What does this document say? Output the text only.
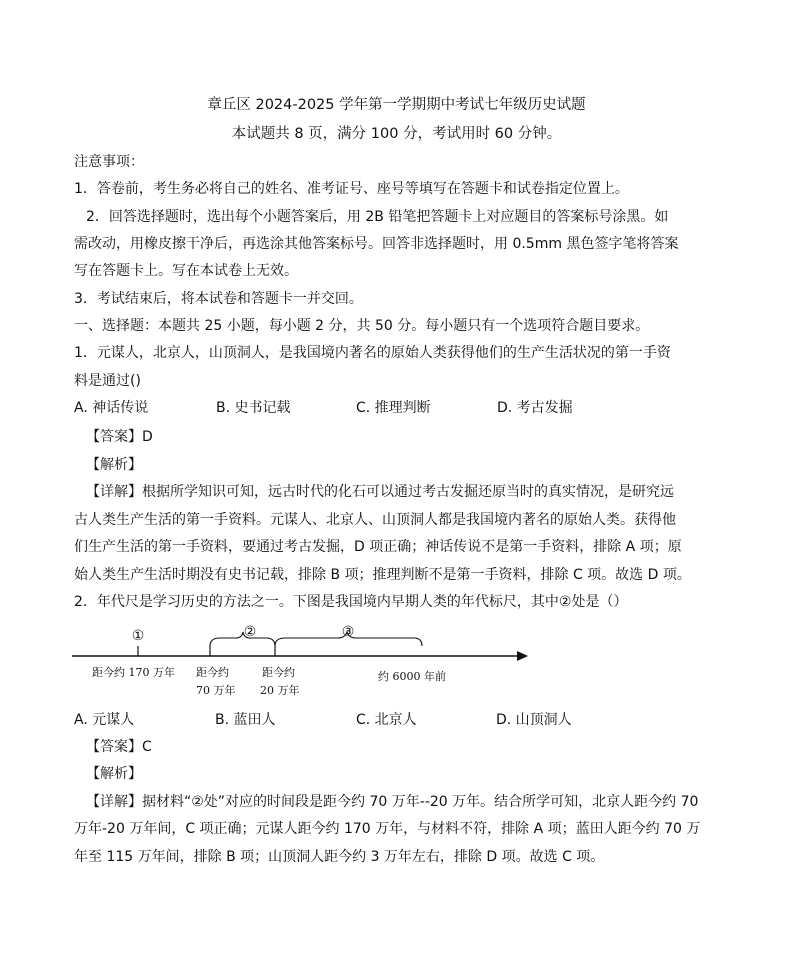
章丘区 2024-2025 学年第一学期期中考试七年级历史试题
本试题共 8 页，满分 100 分，考试用时 60 分钟。
注意事项：
1．答卷前，考生务必将自己的姓名、准考证号、座号等填写在答题卡和试卷指定位置上。
2．回答选择题时，选出每个小题答案后，用 2B 铅笔把答题卡上对应题目的答案标号涂黑。如
需改动，用橡皮擦干净后，再选涂其他答案标号。回答非选择题时，用 0.5mm 黑色签字笔将答案
写在答题卡上。写在本试卷上无效。
3．考试结束后，将本试卷和答题卡一并交回。
一、选择题：本题共 25 小题，每小题 2 分，共 50 分。每小题只有一个选项符合题目要求。
1．元谋人，北京人，山顶洞人，是我国境内著名的原始人类获得他们的生产生活状况的第一手资
料是通过()
A. 神话传说	B. 史书记载	C. 推理判断	D. 考古发掘
【答案】D
【解析】
【详解】根据所学知识可知，远古时代的化石可以通过考古发掘还原当时的真实情况，是研究远
古人类生产生活的第一手资料。元谋人、北京人、山顶洞人都是我国境内著名的原始人类。获得他
们生产生活的第一手资料，要通过考古发掘，D 项正确；神话传说不是第一手资料，排除 A 项；原
始人类生产生活时期没有史书记载，排除 B 项；推理判断不是第一手资料，排除 C 项。故选 D 项。
2．年代尺是学习历史的方法之一。下图是我国境内早期人类的年代标尺，其中②处是（）
①	②	③
距今约 170 万年 距今约
70 万年
距今约
20 万年
约 6000 年前
A. 元谋人	B. 蓝田人	C. 北京人	D. 山顶洞人
【答案】C
【解析】
【详解】据材料“②处”对应的时间段是距今约 70 万年--20 万年。结合所学可知，北京人距今约 70
万年-20 万年间，C 项正确；元谋人距今约 170 万年，与材料不符，排除 A 项；蓝田人距今约 70 万
年至 115 万年间，排除 B 项；山顶洞人距今约 3 万年左右，排除 D 项。故选 C 项。
